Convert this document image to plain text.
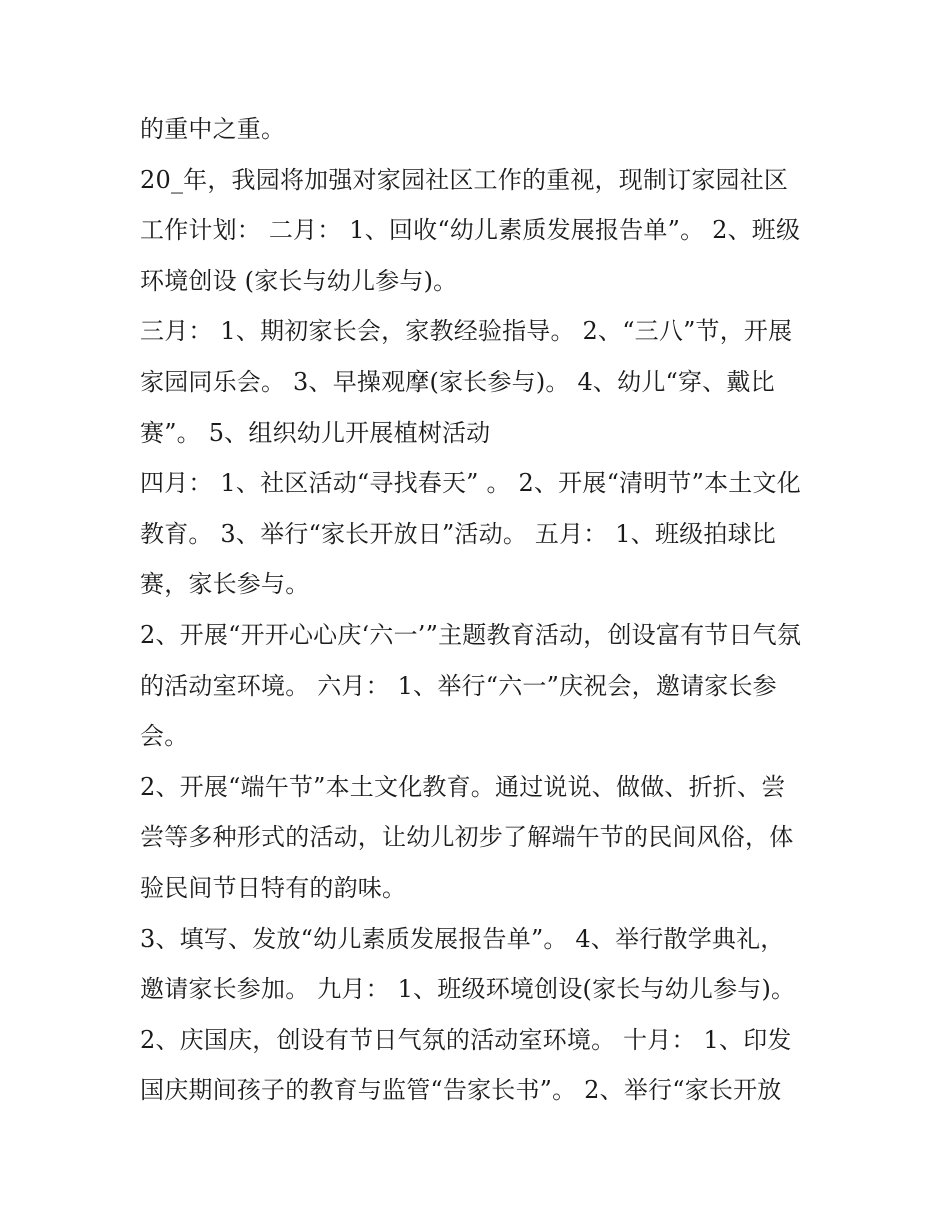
的重中之重。
20_年，我园将加强对家园社区工作的重视，现制订家园社区
工作计划： 二月： 1、回收“幼儿素质发展报告单”。 2、班级
环境创设 (家长与幼儿参与)。
三月： 1、期初家长会，家教经验指导。 2、“三八”节，开展
家园同乐会。 3、早操观摩(家长参与)。 4、幼儿“穿、戴比
赛”。 5、组织幼儿开展植树活动
四月： 1、社区活动“寻找春天” 。 2、开展“清明节”本土文化
教育。 3、举行“家长开放日”活动。 五月： 1、班级拍球比
赛，家长参与。
2、开展“开开心心庆‘六一’”主题教育活动，创设富有节日气氛
的活动室环境。 六月： 1、举行“六一”庆祝会，邀请家长参
会。
2、开展“端午节”本土文化教育。通过说说、做做、折折、尝
尝等多种形式的活动，让幼儿初步了解端午节的民间风俗，体
验民间节日特有的韵味。
3、填写、发放“幼儿素质发展报告单”。 4、举行散学典礼，
邀请家长参加。 九月： 1、班级环境创设(家长与幼儿参与)。
2、庆国庆，创设有节日气氛的活动室环境。 十月： 1、印发
国庆期间孩子的教育与监管“告家长书”。 2、举行“家长开放
